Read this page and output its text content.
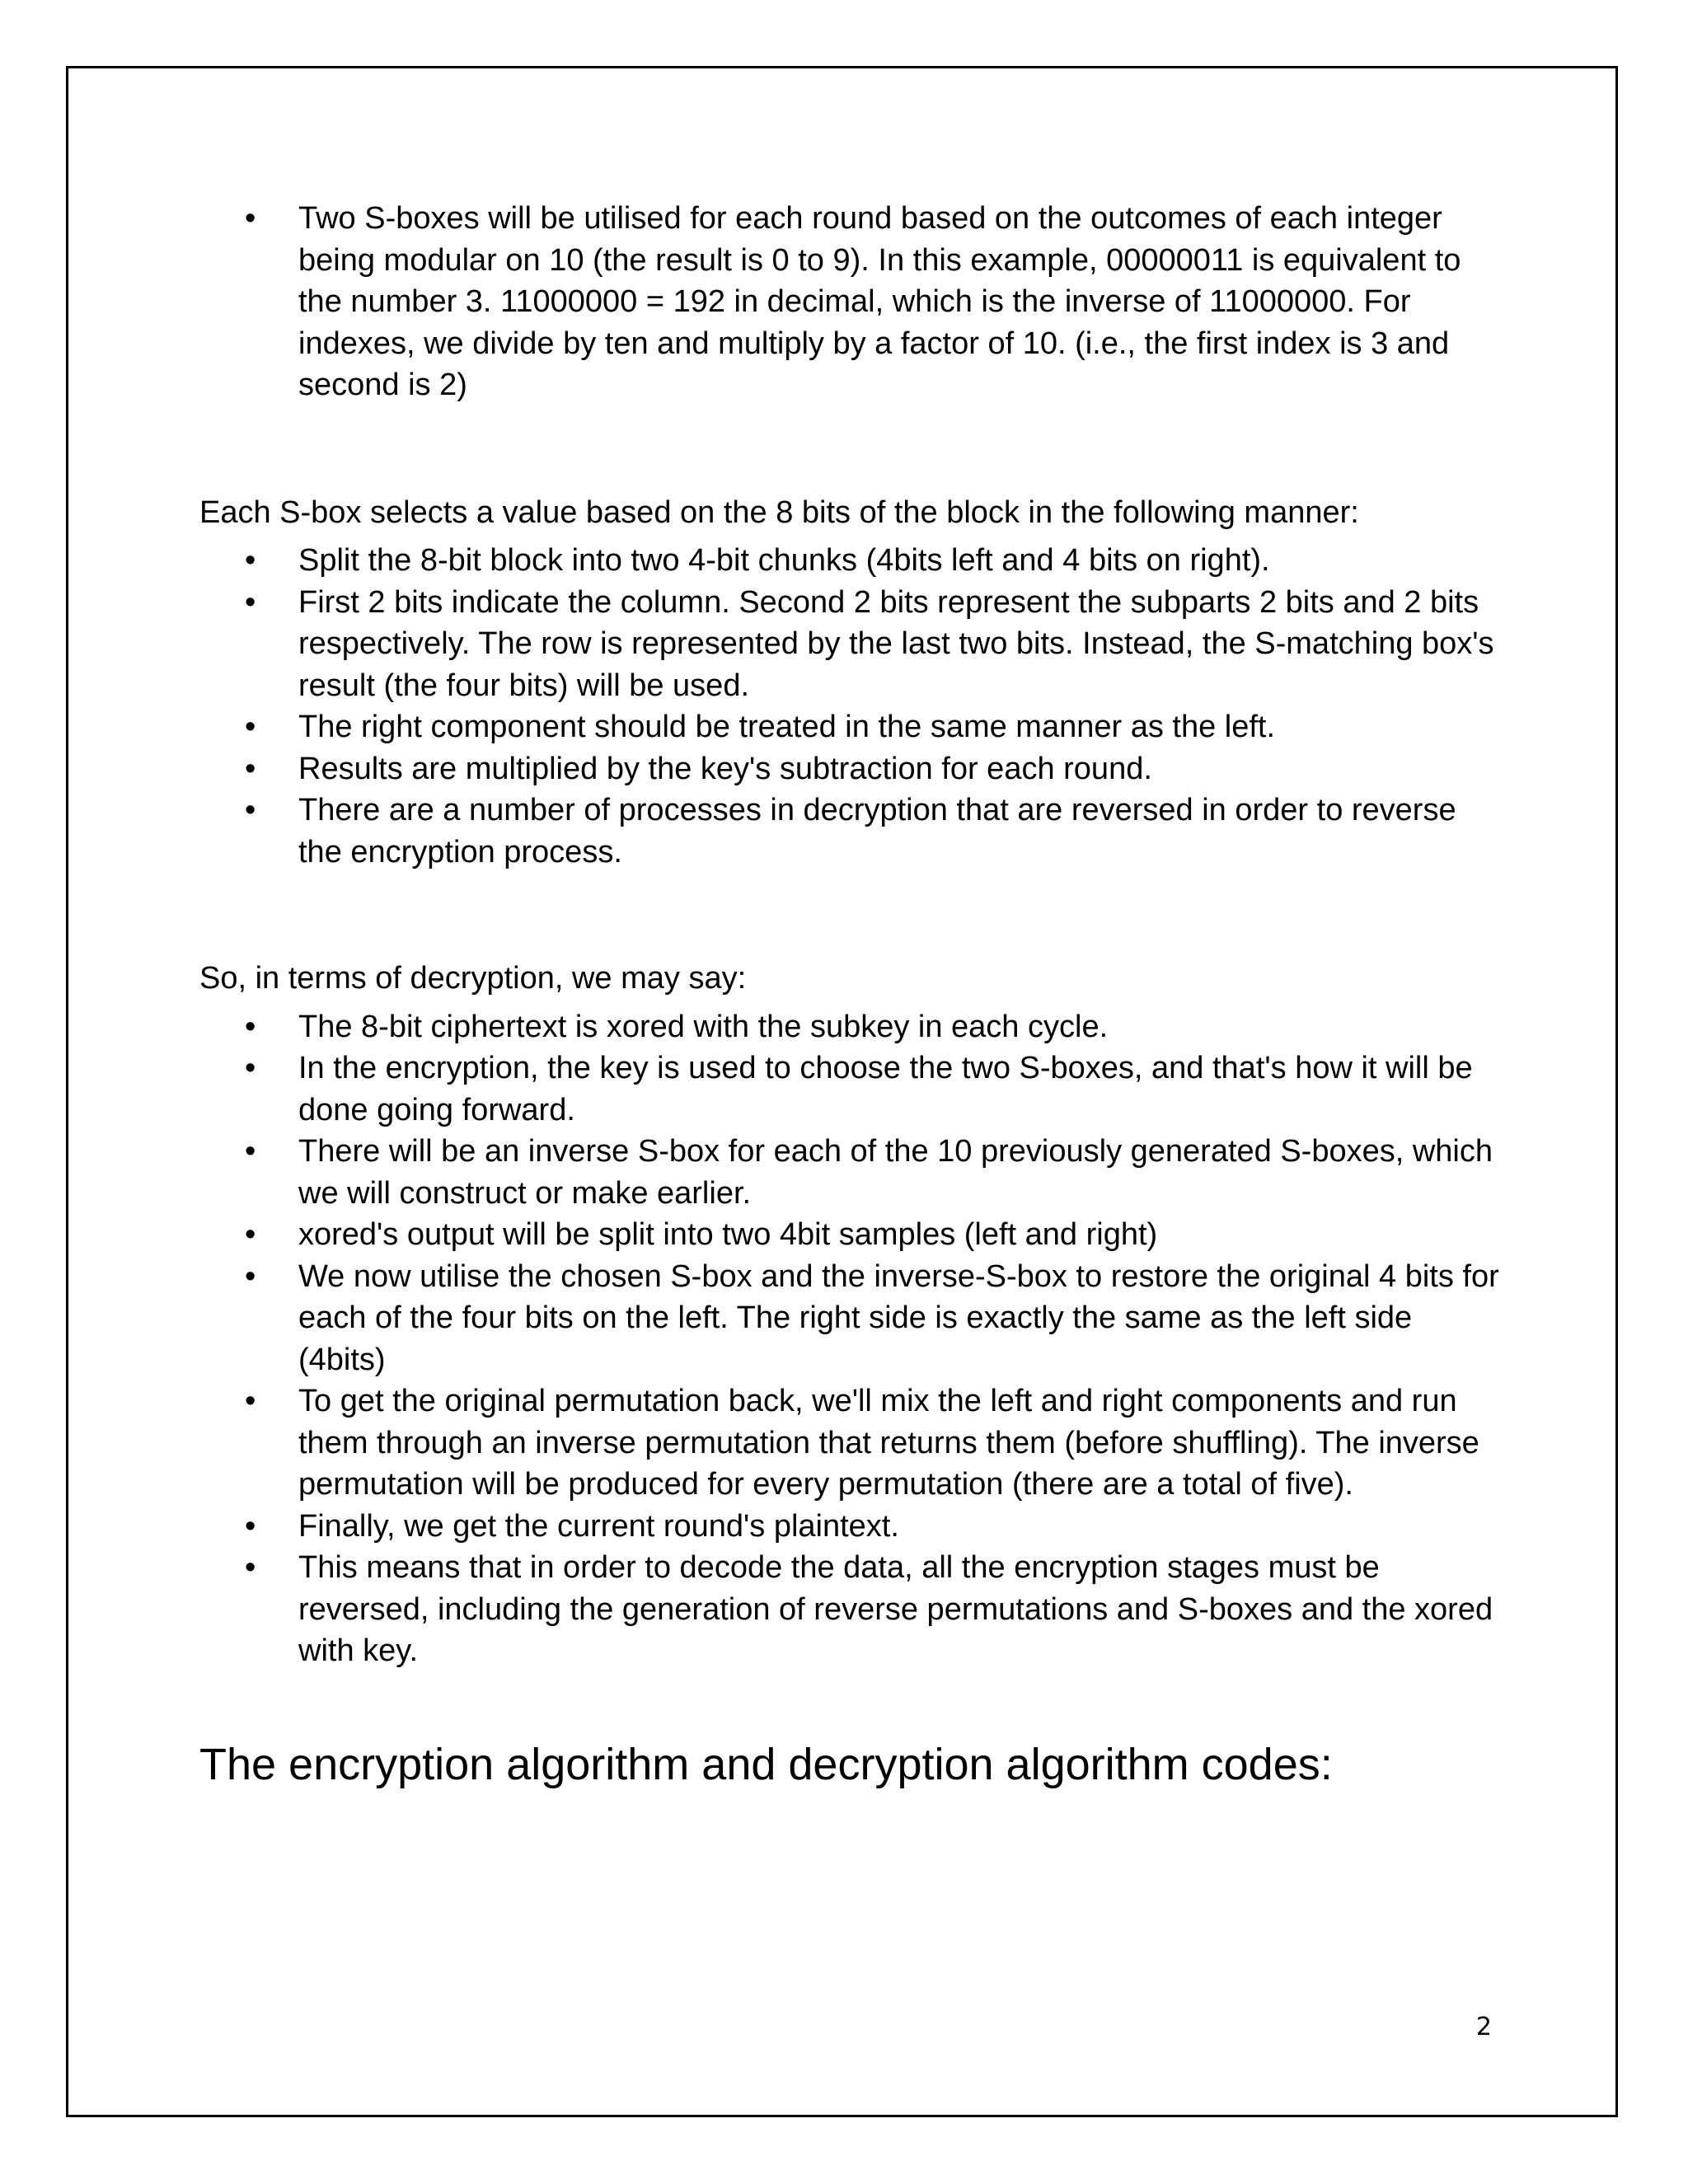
• Two S-boxes will be utilised for each round based on the outcomes of each integer being modular on 10 (the result is 0 to 9). In this example, 00000011 is equivalent to the number 3. 11000000 = 192 in decimal, which is the inverse of 11000000. For indexes, we divide by ten and multiply by a factor of 10. (i.e., the first index is 3 and second is 2)

Each S-box selects a value based on the 8 bits of the block in the following manner:

• Split the 8-bit block into two 4-bit chunks (4bits left and 4 bits on right).
• First 2 bits indicate the column. Second 2 bits represent the subparts 2 bits and 2 bits respectively. The row is represented by the last two bits. Instead, the S-matching box's result (the four bits) will be used.
• The right component should be treated in the same manner as the left.
• Results are multiplied by the key's subtraction for each round.
• There are a number of processes in decryption that are reversed in order to reverse the encryption process.

So, in terms of decryption, we may say:

• The 8-bit ciphertext is xored with the subkey in each cycle.
• In the encryption, the key is used to choose the two S-boxes, and that's how it will be done going forward.
• There will be an inverse S-box for each of the 10 previously generated S-boxes, which we will construct or make earlier.
• xored's output will be split into two 4bit samples (left and right)
• We now utilise the chosen S-box and the inverse-S-box to restore the original 4 bits for each of the four bits on the left. The right side is exactly the same as the left side (4bits)
• To get the original permutation back, we'll mix the left and right components and run them through an inverse permutation that returns them (before shuffling). The inverse permutation will be produced for every permutation (there are a total of five).
• Finally, we get the current round's plaintext.
• This means that in order to decode the data, all the encryption stages must be reversed, including the generation of reverse permutations and S-boxes and the xored with key.
The encryption algorithm and decryption algorithm codes:
2
